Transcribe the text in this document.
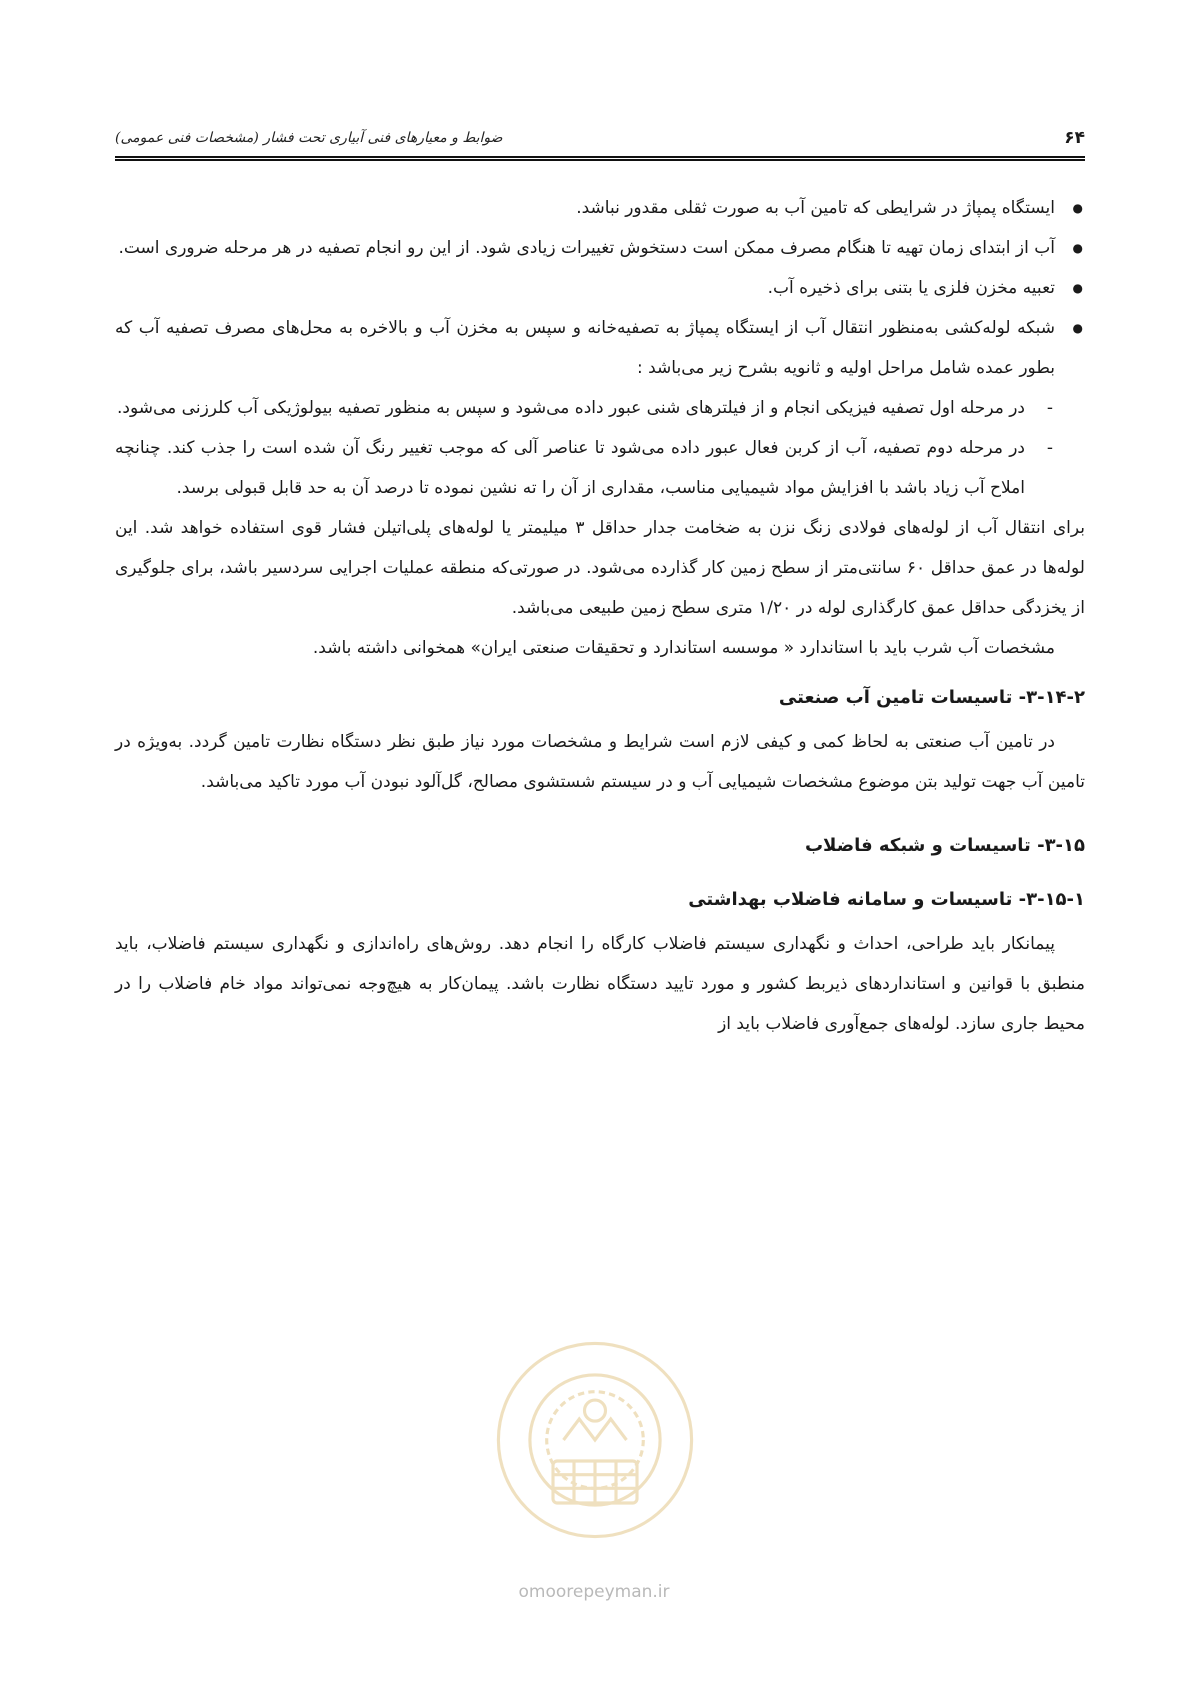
۶۴
ضوابط و معیارهای فنی آبیاری تحت فشار (مشخصات فنی عمومی)
● ایستگاه پمپاژ در شرایطی که تامین آب به صورت ثقلی مقدور نباشد.
● آب از ابتدای زمان تهیه تا هنگام مصرف ممکن است دستخوش تغییرات زیادی شود. از این رو انجام تصفیه در هر مرحله ضروری است.
● تعبیه مخزن فلزی یا بتنی برای ذخیره آب.
● شبکه لوله‌کشی به‌منظور انتقال آب از ایستگاه پمپاژ به تصفیه‌خانه و سپس به مخزن آب و بالاخره به محل‌های مصرف تصفیه آب که بطور عمده شامل مراحل اولیه و ثانویه بشرح زیر می‌باشد :
- در مرحله اول تصفیه فیزیکی انجام و از فیلترهای شنی عبور داده می‌شود و سپس به منظور تصفیه بیولوژیکی آب کلرزنی می‌شود.
- در مرحله دوم تصفیه، آب از کربن فعال عبور داده می‌شود تا عناصر آلی که موجب تغییر رنگ آن شده است را جذب کند. چنانچه املاح آب زیاد باشد با افزایش مواد شیمیایی مناسب، مقداری از آن را ته نشین نموده تا درصد آن به حد قابل قبولی برسد.
برای انتقال آب از لوله‌های فولادی زنگ نزن به ضخامت جدار حداقل ۳ میلیمتر یا لوله‌های پلی‌اتیلن فشار قوی استفاده خواهد شد. این لوله‌ها در عمق حداقل ۶۰ سانتی‌متر از سطح زمین کار گذارده می‌شود. در صورتی‌که منطقه عملیات اجرایی سردسیر باشد، برای جلوگیری از یخزدگی حداقل عمق کارگذاری لوله در ۱/۲۰ متری سطح زمین طبیعی می‌باشد.
مشخصات آب شرب باید با استاندارد « موسسه استاندارد و تحقیقات صنعتی ایران» همخوانی داشته باشد.
۳-۱۴-۲- تاسیسات تامین آب صنعتی
در تامین آب صنعتی به لحاظ کمی و کیفی لازم است شرایط و مشخصات مورد نیاز طبق نظر دستگاه نظارت تامین گردد. به‌ویژه در تامین آب جهت تولید بتن موضوع مشخصات شیمیایی آب و در سیستم شستشوی مصالح، گل‌آلود نبودن آب مورد تاکید می‌باشد.
۳-۱۵- تاسیسات و شبکه فاضلاب
۳-۱۵-۱- تاسیسات و سامانه فاضلاب بهداشتی
پیمانکار باید طراحی، احداث و نگهداری سیستم فاضلاب کارگاه را انجام دهد. روش‌های راه‌اندازی و نگهداری سیستم فاضلاب، باید منطبق با قوانین و استانداردهای ذیربط کشور و مورد تایید دستگاه نظارت باشد. پیمان‌کار به هیچ‌وجه نمی‌تواند مواد خام فاضلاب را در محیط جاری سازد. لوله‌های جمع‌آوری فاضلاب باید از
omoorepeyman.ir
